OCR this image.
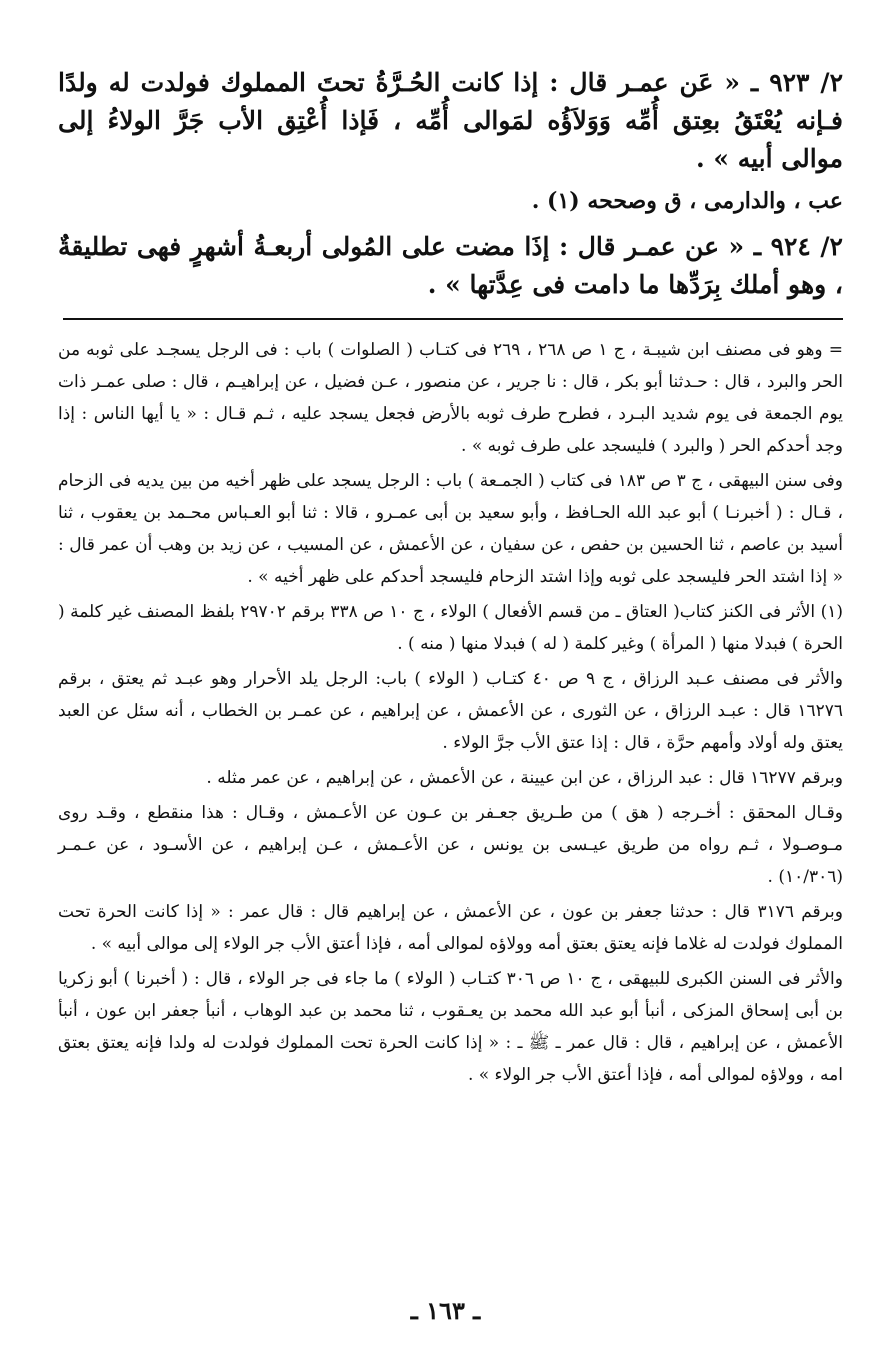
٢/ ٩٢٣ ـ « عَن عمـر قال : إذا كانت الحُـرَّةُ تحتَ المملوك فولدت له ولدًا فـإنه يُعْتَقُ بعِتق أُمِّه وَوَلاَؤُه لمَوالى أُمِّه ، فَإذا أُعْتِق الأب جَرَّ الولاءُ إلى موالى أبيه » .

عب ، والدارمى ، ق وصححه (١) .

٢/ ٩٢٤ ـ « عن عمـر قال : إذَا مضت على المُولى أربعـةُ أشهرٍ فهى تطليقةٌ ، وهو أملك بِرَدِّها ما دامت فى عِدَّتها » .

= وهو فى مصنف ابن شيبـة ، ج ١ ص ٢٦٨ ، ٢٦٩ فى كتـاب ( الصلوات ) باب : فى الرجل يسجـد على ثوبه من الحر والبرد ، قال : حـدثنا أبو بكر ، قال : نا جرير ، عن منصور ، عـن فضيل ، عن إبراهيـم ، قال : صلى عمـر ذات يوم الجمعة فى يوم شديد البـرد ، فطرح طرف ثوبه بالأرض فجعل يسجد عليه ، ثـم قـال : « يا أيها الناس : إذا وجد أحدكم الحر ( والبرد ) فليسجد على طرف ثوبه » .

وفى سنن البيهقى ، ج ٣ ص ١٨٣ فى كتاب ( الجمـعة ) باب : الرجل يسجد على ظهر أخيه من بين يديه فى الزحام ، قـال : ( أخبرنـا ) أبو عبد الله الحـافظ ، وأبو سعيد بن أبى عمـرو ، قالا : ثنا أبو العـباس محـمد بن يعقوب ، ثنا أسيد بن عاصم ، ثنا الحسين بن حفص ، عن سفيان ، عن الأعمش ، عن المسيب ، عن زيد بن وهب أن عمر قال : « إذا اشتد الحر فليسجد على ثوبه وإذا اشتد الزحام فليسجد أحدكم على ظهر أخيه » .

(١) الأثر فى الكنز كتاب( العتاق ـ من قسم الأفعال ) الولاء ، ج ١٠ ص ٣٣٨ برقم ٢٩٧٠٢ بلفظ المصنف غير كلمة ( الحرة ) فبدلا منها ( المرأة ) وغير كلمة ( له ) فبدلا منها ( منه ) .

والأثر فى مصنف عـبد الرزاق ، ج ٩ ص ٤٠ كتـاب ( الولاء ) باب: الرجل يلد الأحرار وهو عبـد ثم يعتق ، برقم ١٦٢٧٦ قال : عبـد الرزاق ، عن الثورى ، عن الأعمش ، عن إبراهيم ، عن عمـر بن الخطاب ، أنه سئل عن العبد يعتق وله أولاد وأمهم حرَّة ، قال : إذا عتق الأب جرَّ الولاء .

وبرقم ١٦٢٧٧ قال : عبد الرزاق ، عن ابن عيينة ، عن الأعمش ، عن إبراهيم ، عن عمر مثله .

وقـال المحقق : أخـرجه ( هق ) من طـريق جعـفر بن عـون عن الأعـمش ، وقـال : هذا منقطع ، وقـد روى مـوصـولا ، ثـم رواه من طريق عيـسى بن يونس ، عن الأعـمش ، عـن إبراهيم ، عن الأسـود ، عن عـمـر (١٠/٣٠٦) .

وبرقم ٣١٧٦ قال : حدثنا جعفر بن عون ، عن الأعمش ، عن إبراهيم قال : قال عمر : « إذا كانت الحرة تحت المملوك فولدت له غلاما فإنه يعتق بعتق أمه وولاؤه لموالى أمه ، فإذا أعتق الأب جر الولاء إلى موالى أبيه » .

والأثر فى السنن الكبرى للبيهقى ، ج ١٠ ص ٣٠٦ كتـاب ( الولاء ) ما جاء فى جر الولاء ، قال : ( أخبرنا ) أبو زكريا بن أبى إسحاق المزكى ، أنبأ أبو عبد الله محمد بن يعـقوب ، ثنا محمد بن عبد الوهاب ، أنبأ جعفر ابن عون ، أنبأ الأعمش ، عن إبراهيم ، قال : قال عمر ـ ﷺ ـ : « إذا كانت الحرة تحت المملوك فولدت له ولدا فإنه يعتق بعتق امه ، وولاؤه لموالى أمه ، فإذا أعتق الأب جر الولاء » .

ـ ١٦٣ ـ
